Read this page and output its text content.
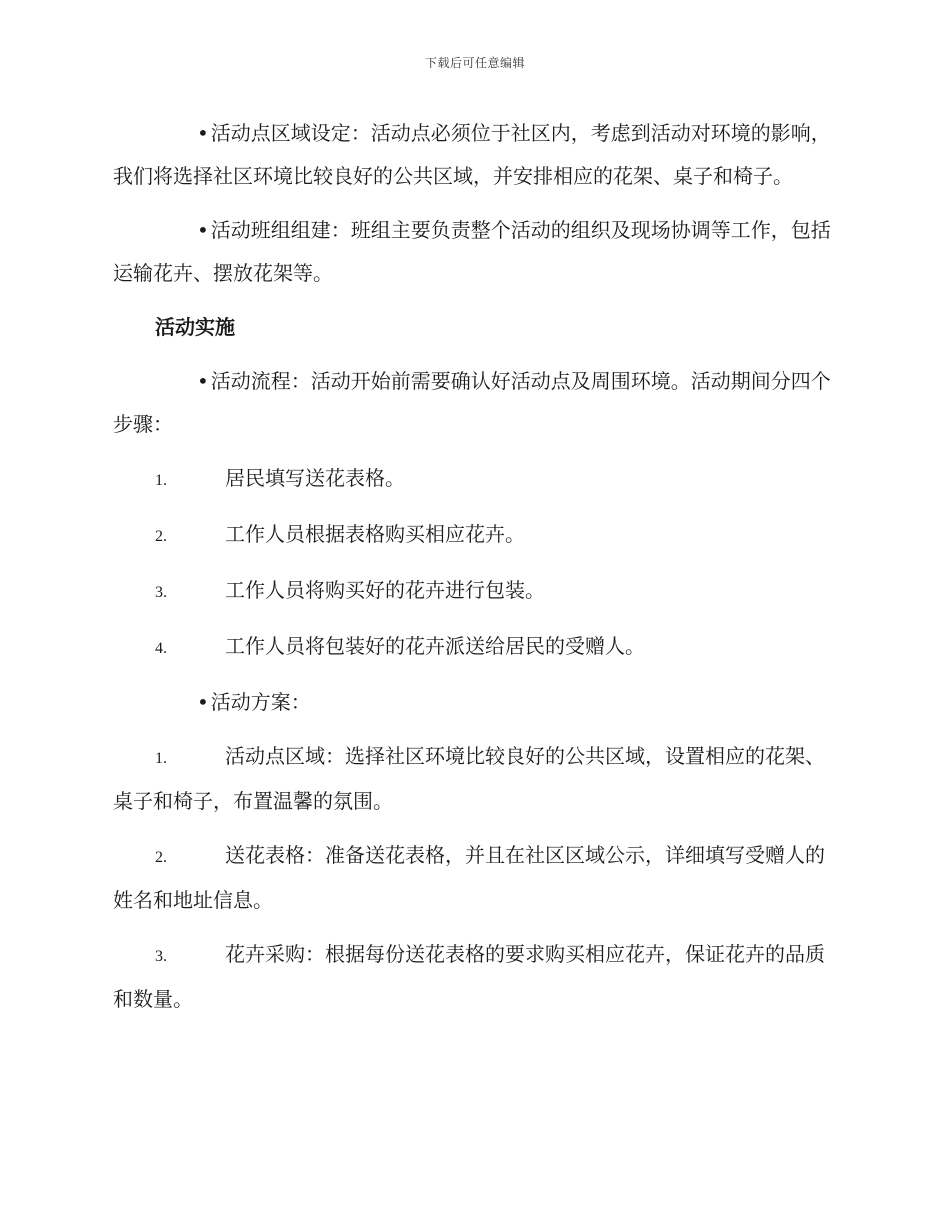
下载后可任意编辑

• 活动点区域设定：活动点必须位于社区内，考虑到活动对环境的影响，我们将选择社区环境比较良好的公共区域，并安排相应的花架、桌子和椅子。

• 活动班组组建：班组主要负责整个活动的组织及现场协调等工作，包括运输花卉、摆放花架等。

活动实施

• 活动流程：活动开始前需要确认好活动点及周围环境。活动期间分四个步骤：

1.	居民填写送花表格。

2.	工作人员根据表格购买相应花卉。

3.	工作人员将购买好的花卉进行包装。

4.	工作人员将包装好的花卉派送给居民的受赠人。

• 活动方案：

1.	活动点区域：选择社区环境比较良好的公共区域，设置相应的花架、桌子和椅子，布置温馨的氛围。

2.	送花表格：准备送花表格，并且在社区区域公示，详细填写受赠人的姓名和地址信息。

3.	花卉采购：根据每份送花表格的要求购买相应花卉，保证花卉的品质和数量。
